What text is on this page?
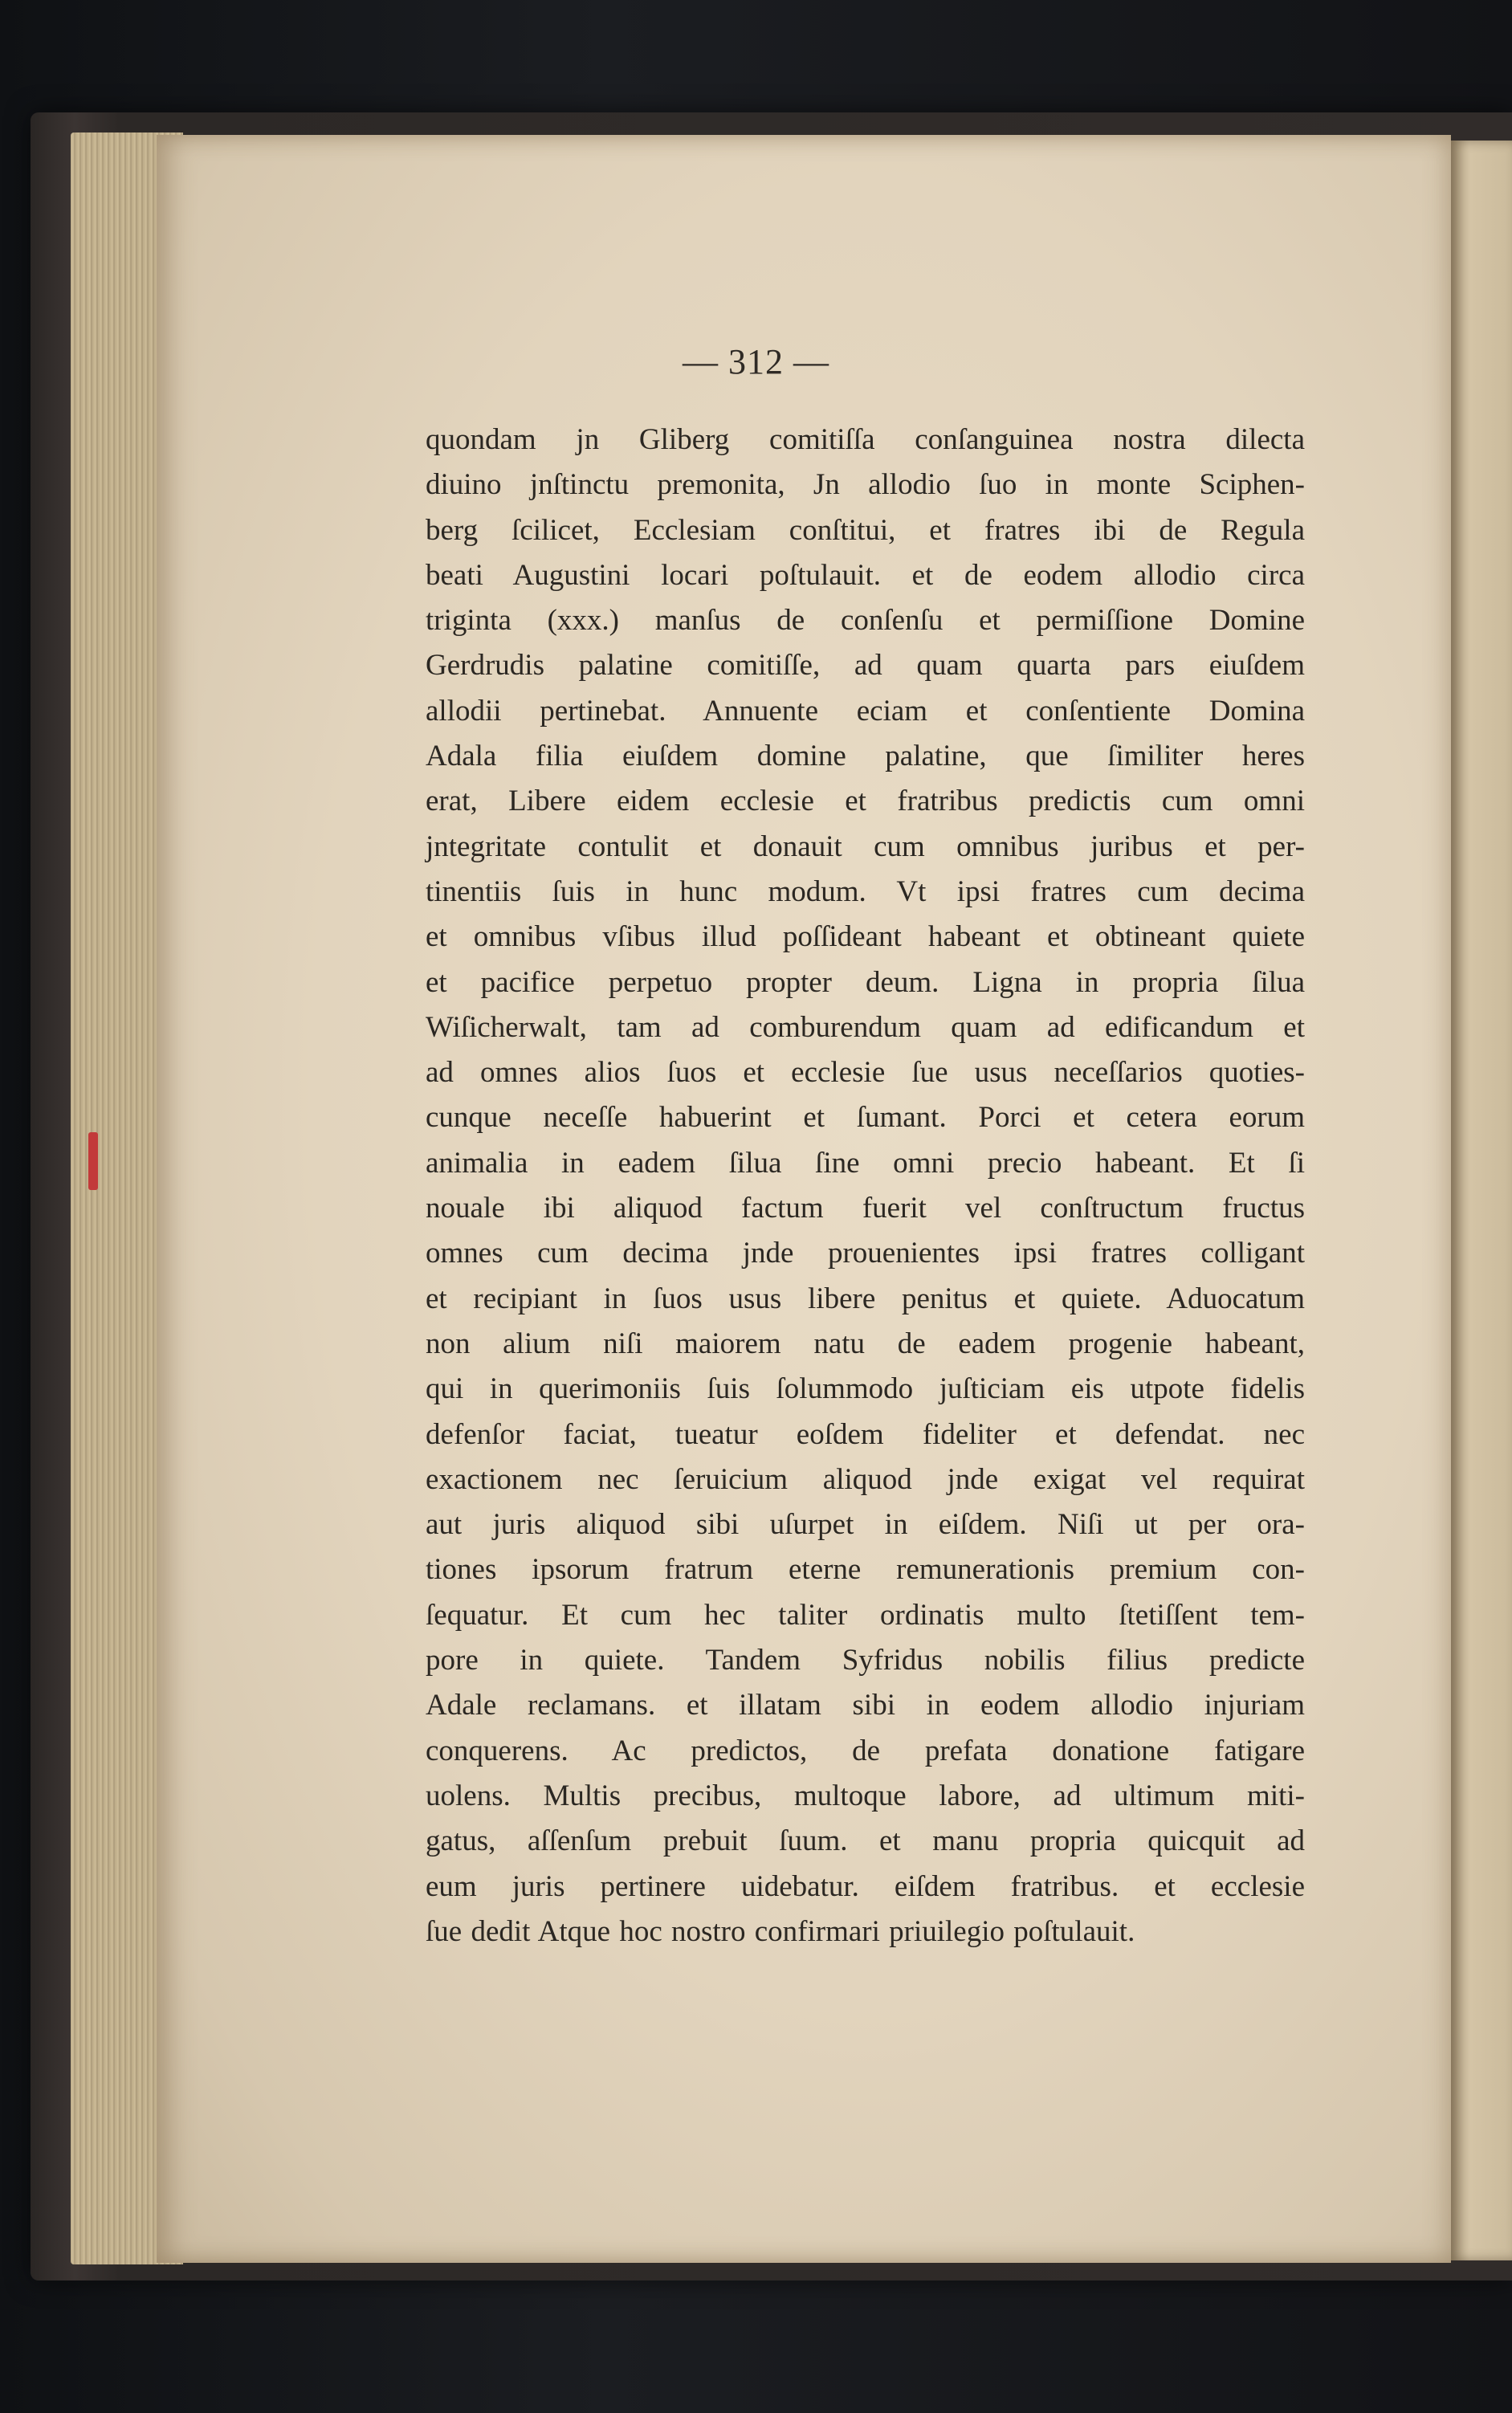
— 312 —
quondam jn Gliberg comitiſſa conſanguinea nostra dilecta
diuino jnſtinctu premonita, Jn allodio ſuo in monte Sciphen-
berg ſcilicet, Ecclesiam conſtitui, et fratres ibi de Regula
beati Augustini locari poſtulauit. et de eodem allodio circa
triginta (xxx.) manſus de conſenſu et permiſſione Domine
Gerdrudis palatine comitiſſe, ad quam quarta pars eiuſdem
allodii pertinebat. Annuente eciam et conſentiente Domina
Adala filia eiuſdem domine palatine, que ſimiliter heres
erat, Libere eidem ecclesie et fratribus predictis cum omni
jntegritate contulit et donauit cum omnibus juribus et per-
tinentiis ſuis in hunc modum. Vt ipsi fratres cum decima
et omnibus vſibus illud poſſideant habeant et obtineant quiete
et pacifice perpetuo propter deum. Ligna in propria ſilua
Wiſicherwalt, tam ad comburendum quam ad edificandum et
ad omnes alios ſuos et ecclesie ſue usus neceſſarios quoties-
cunque neceſſe habuerint et ſumant. Porci et cetera eorum
animalia in eadem ſilua ſine omni precio habeant. Et ſi
nouale ibi aliquod factum fuerit vel conſtructum fructus
omnes cum decima jnde prouenientes ipsi fratres colligant
et recipiant in ſuos usus libere penitus et quiete. Aduocatum
non alium niſi maiorem natu de eadem progenie habeant,
qui in querimoniis ſuis ſolummodo juſticiam eis utpote fidelis
defenſor faciat, tueatur eoſdem fideliter et defendat. nec
exactionem nec ſeruicium aliquod jnde exigat vel requirat
aut juris aliquod sibi uſurpet in eiſdem. Niſi ut per ora-
tiones ipsorum fratrum eterne remunerationis premium con-
ſequatur. Et cum hec taliter ordinatis multo ſtetiſſent tem-
pore in quiete. Tandem Syfridus nobilis filius predicte
Adale reclamans. et illatam sibi in eodem allodio injuriam
conquerens. Ac predictos, de prefata donatione fatigare
uolens. Multis precibus, multoque labore, ad ultimum miti-
gatus, aſſenſum prebuit ſuum. et manu propria quicquit ad
eum juris pertinere uidebatur. eiſdem fratribus. et ecclesie
ſue dedit Atque hoc nostro confirmari priuilegio poſtulauit.
